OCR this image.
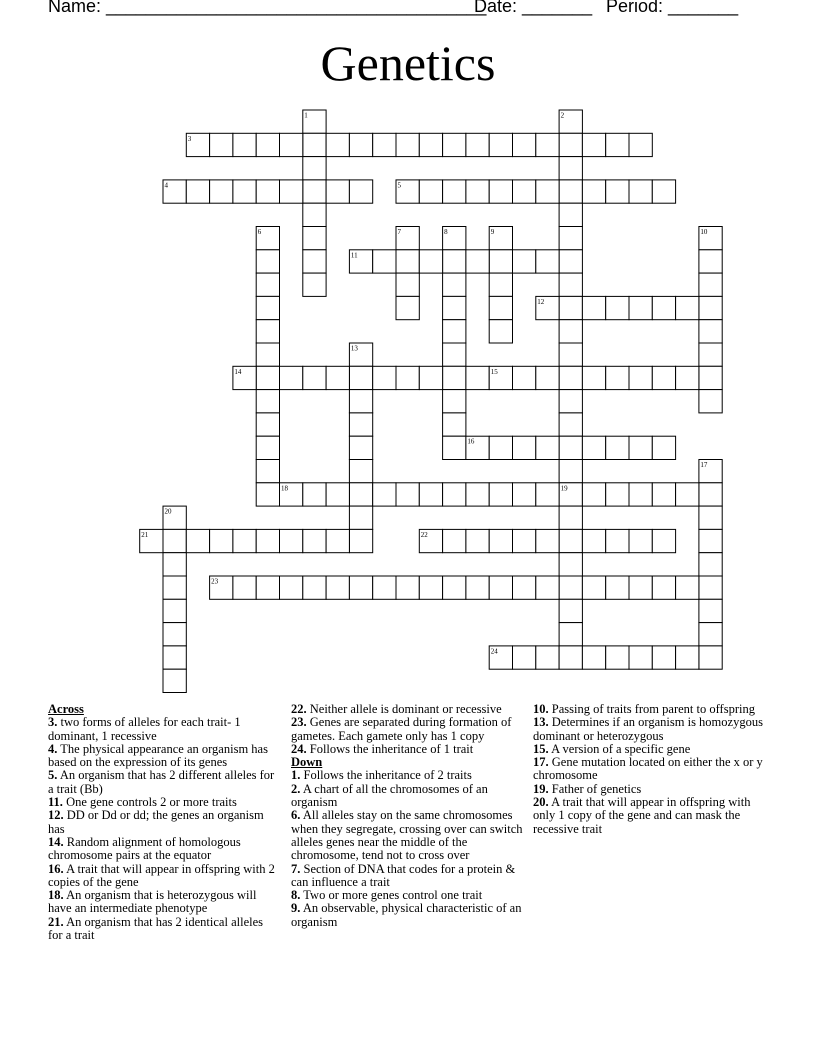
Name: ______________________________________
Date: _______ Period: _______
Genetics
1	2
3
4	5
6	7	8	9	10
11
12
13
14	15
16
17
18	19
20
21	22
23
24

Across

3. two forms of alleles for each trait- 1 dominant, 1 recessive

4. The physical appearance an organism has based on the expression of its genes

5. An organism that has 2 different alleles for a trait (Bb)

11. One gene controls 2 or more traits

12. DD or Dd or dd; the genes an organism has

14. Random alignment of homologous chromosome pairs at the equator

16. A trait that will appear in offspring with 2 copies of the gene

18. An organism that is heterozygous will have an intermediate phenotype

21. An organism that has 2 identical alleles for a trait

22. Neither allele is dominant or recessive

23. Genes are separated during formation of gametes. Each gamete only has 1 copy

24. Follows the inheritance of 1 trait

Down

1. Follows the inheritance of 2 traits

2. A chart of all the chromosomes of an organism

6. All alleles stay on the same chromosomes when they segregate, crossing over can switch alleles genes near the middle of the chromosome, tend not to cross over

7. Section of DNA that codes for a protein & can influence a trait

8. Two or more genes control one trait

9. An observable, physical characteristic of an organism

10. Passing of traits from parent to offspring

13. Determines if an organism is homozygous dominant or heterozygous

15. A version of a specific gene

17. Gene mutation located on either the x or y chromosome

19. Father of genetics

20. A trait that will appear in offspring with only 1 copy of the gene and can mask the recessive trait
